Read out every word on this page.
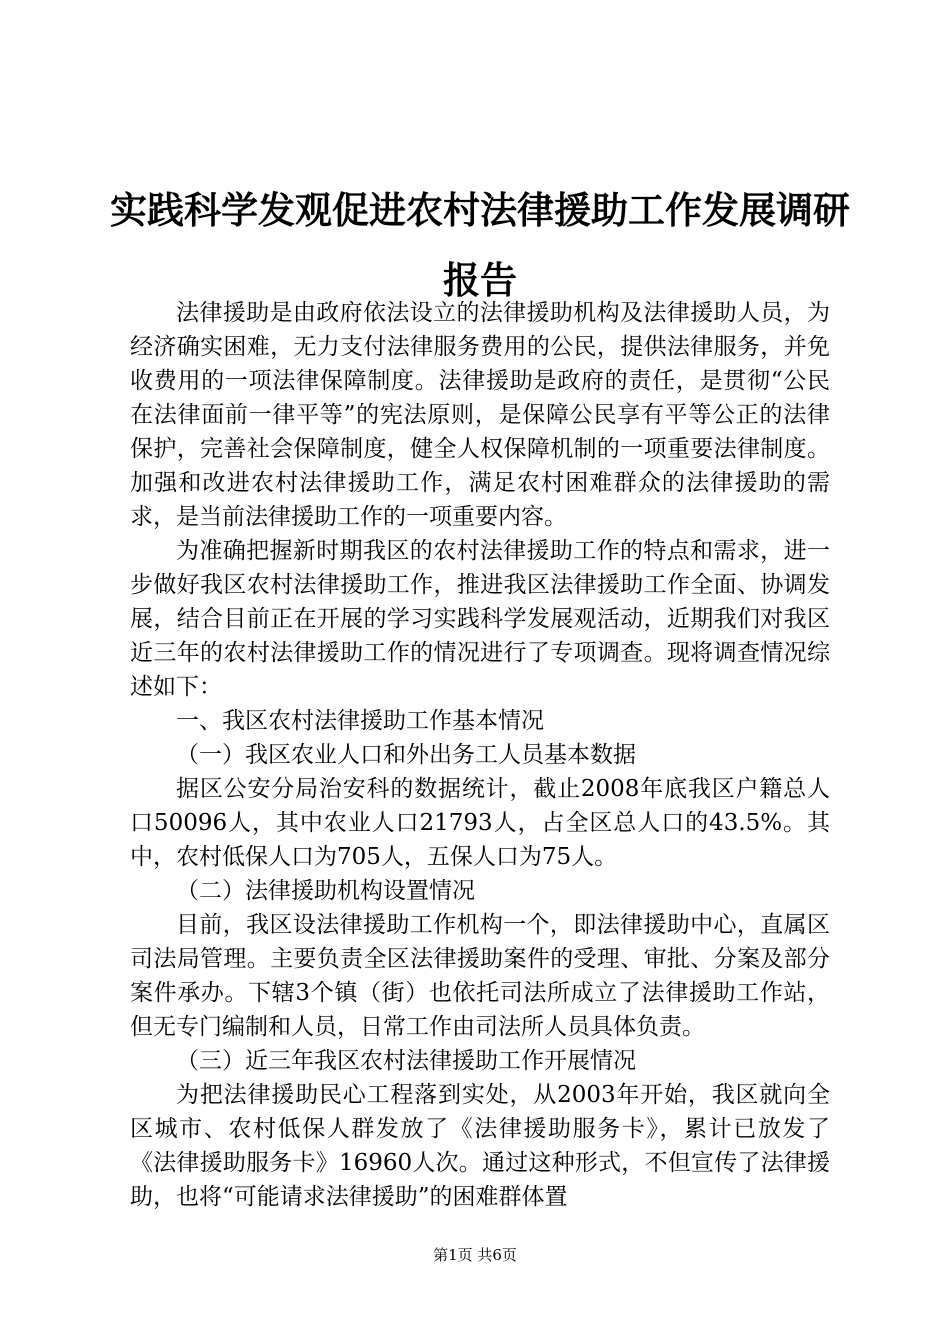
实践科学发观促进农村法律援助工作发展调研
报告

法律援助是由政府依法设立的法律援助机构及法律援助人员，为经济确实困难，无力支付法律服务费用的公民，提供法律服务，并免收费用的一项法律保障制度。法律援助是政府的责任，是贯彻“公民在法律面前一律平等”的宪法原则，是保障公民享有平等公正的法律保护，完善社会保障制度，健全人权保障机制的一项重要法律制度。加强和改进农村法律援助工作，满足农村困难群众的法律援助的需求，是当前法律援助工作的一项重要内容。

为准确把握新时期我区的农村法律援助工作的特点和需求，进一步做好我区农村法律援助工作，推进我区法律援助工作全面、协调发展，结合目前正在开展的学习实践科学发展观活动，近期我们对我区近三年的农村法律援助工作的情况进行了专项调查。现将调查情况综述如下：

一、我区农村法律援助工作基本情况

（一）我区农业人口和外出务工人员基本数据

据区公安分局治安科的数据统计，截止2008年底我区户籍总人口50096人，其中农业人口21793人，占全区总人口的43.5%。其中，农村低保人口为705人，五保人口为75人。

（二）法律援助机构设置情况

目前，我区设法律援助工作机构一个，即法律援助中心，直属区司法局管理。主要负责全区法律援助案件的受理、审批、分案及部分案件承办。下辖3个镇（街）也依托司法所成立了法律援助工作站，但无专门编制和人员，日常工作由司法所人员具体负责。

（三）近三年我区农村法律援助工作开展情况

为把法律援助民心工程落到实处，从2003年开始，我区就向全区城市、农村低保人群发放了《法律援助服务卡》，累计已放发了《法律援助服务卡》16960人次。通过这种形式，不但宣传了法律援助，也将“可能请求法律援助”的困难群体置

第1页 共6页
